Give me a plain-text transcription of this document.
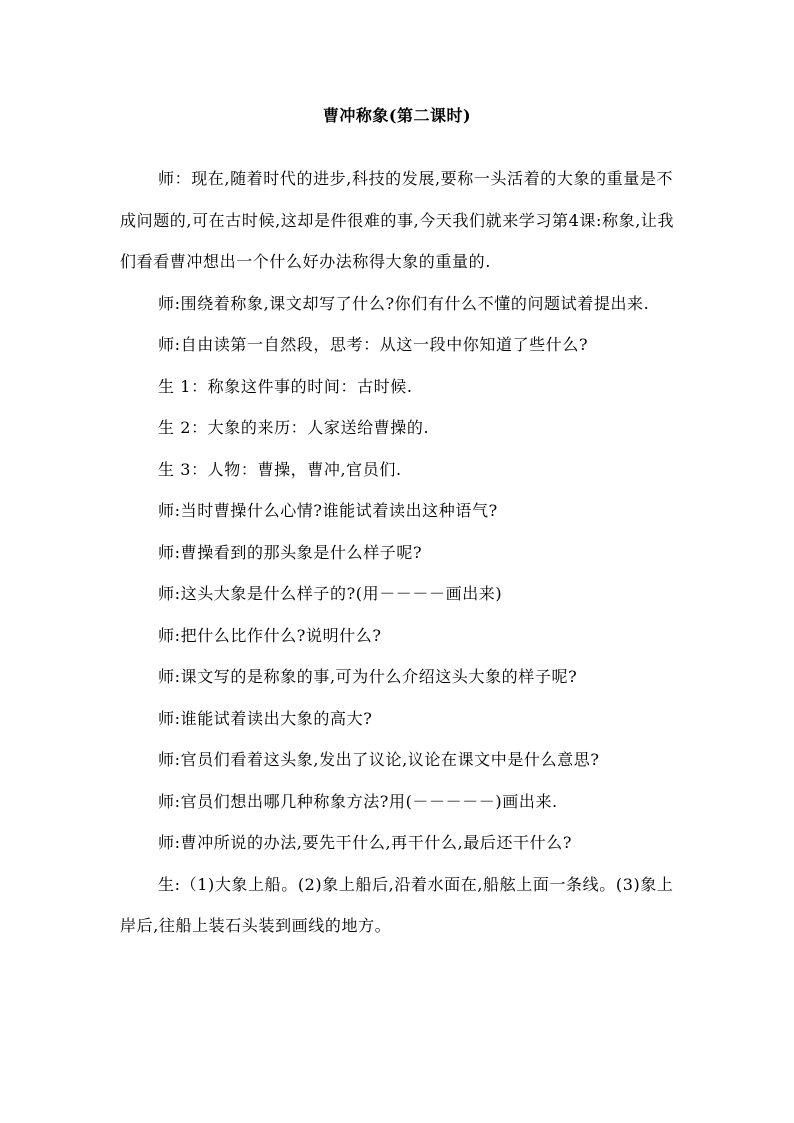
曹冲称象(第二课时)

师：现在,随着时代的进步,科技的发展,要称一头活着的大象的重量是不成问题的,可在古时候,这却是件很难的事,今天我们就来学习第4课:称象,让我们看看曹冲想出一个什么好办法称得大象的重量的.

师:围绕着称象,课文却写了什么?你们有什么不懂的问题试着提出来.

师:自由读第一自然段，思考：从这一段中你知道了些什么?

生 1：称象这件事的时间：古时候.

生 2：大象的来历：人家送给曹操的.

生 3：人物：曹操，曹冲,官员们.

师:当时曹操什么心情?谁能试着读出这种语气?

师:曹操看到的那头象是什么样子呢?

师:这头大象是什么样子的?(用－－－－画出来)

师:把什么比作什么?说明什么?

师:课文写的是称象的事,可为什么介绍这头大象的样子呢?

师:谁能试着读出大象的高大?

师:官员们看着这头象,发出了议论,议论在课文中是什么意思?

师:官员们想出哪几种称象方法?用(－－－－－)画出来.

师:曹冲所说的办法,要先干什么,再干什么,最后还干什么?

生:（1)大象上船。(2)象上船后,沿着水面在,船舷上面一条线。(3)象上岸后,往船上装石头装到画线的地方。
